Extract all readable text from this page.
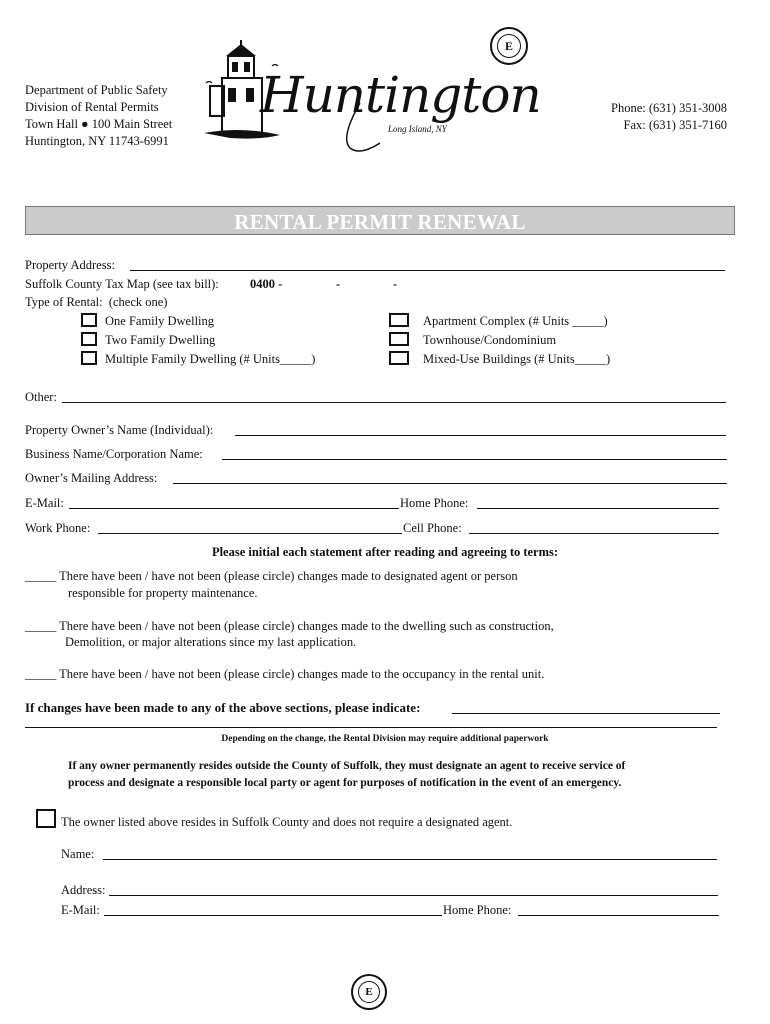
Department of Public Safety
Division of Rental Permits
Town Hall ● 100 Main Street
Huntington, NY 11743-6991
Phone: (631) 351-3008
Fax: (631) 351-7160
Huntington
Long Island, NY
E
RENTAL PERMIT RENEWAL
Property Address:
Suffolk County Tax Map (see tax bill): 0400 -	-	-
Type of Rental:  (check one)
One Family Dwelling
Two Family Dwelling
Multiple Family Dwelling (# Units_____)
Apartment Complex (# Units _____)
Townhouse/Condominium
Mixed-Use Buildings (# Units_____)
Other:
Property Owner’s Name (Individual):
Business Name/Corporation Name:
Owner’s Mailing Address:
E-Mail:	Home Phone:
Work Phone:	Cell Phone:
Please initial each statement after reading and agreeing to terms:
_____ There have been / have not been (please circle) changes made to designated agent or person
responsible for property maintenance.
_____ There have been / have not been (please circle) changes made to the dwelling such as construction,
Demolition, or major alterations since my last application.
_____ There have been / have not been (please circle) changes made to the occupancy in the rental unit.
If changes have been made to any of the above sections, please indicate:
Depending on the change, the Rental Division may require additional paperwork
If any owner permanently resides outside the County of Suffolk, they must designate an agent to receive service of
process and designate a responsible local party or agent for purposes of notification in the event of an emergency.
The owner listed above resides in Suffolk County and does not require a designated agent.
Name:
Address:
E-Mail:	Home Phone:
E
